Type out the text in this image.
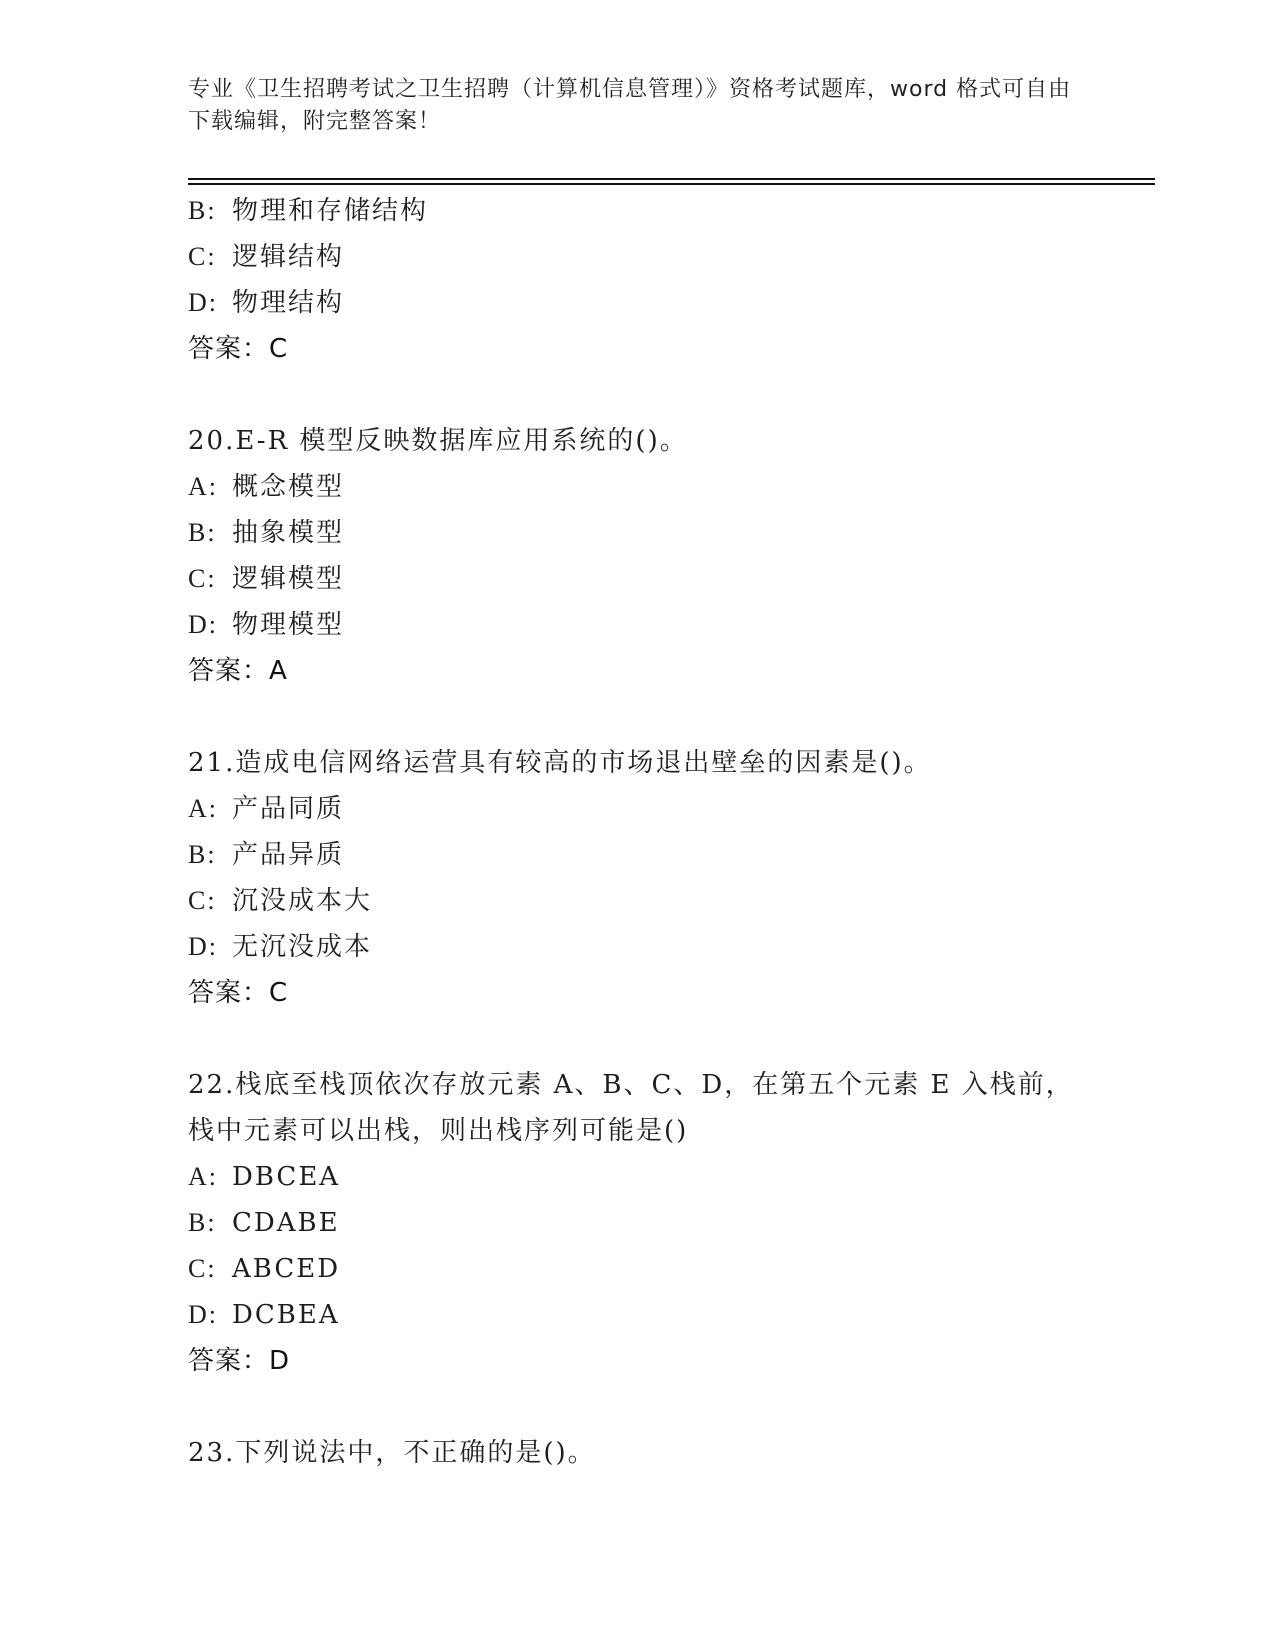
专业《卫生招聘考试之卫生招聘（计算机信息管理）》资格考试题库，word 格式可自由下载编辑，附完整答案！
B: 物理和存储结构
C: 逻辑结构
D: 物理结构
答案：C
20.E-R 模型反映数据库应用系统的()。
A: 概念模型
B: 抽象模型
C: 逻辑模型
D: 物理模型
答案：A
21.造成电信网络运营具有较高的市场退出壁垒的因素是()。
A: 产品同质
B: 产品异质
C: 沉没成本大
D: 无沉没成本
答案：C
22.栈底至栈顶依次存放元素 A、B、C、D，在第五个元素 E 入栈前，栈中元素可以出栈，则出栈序列可能是()
A: DBCEA
B: CDABE
C: ABCED
D: DCBEA
答案：D
23.下列说法中，不正确的是()。
